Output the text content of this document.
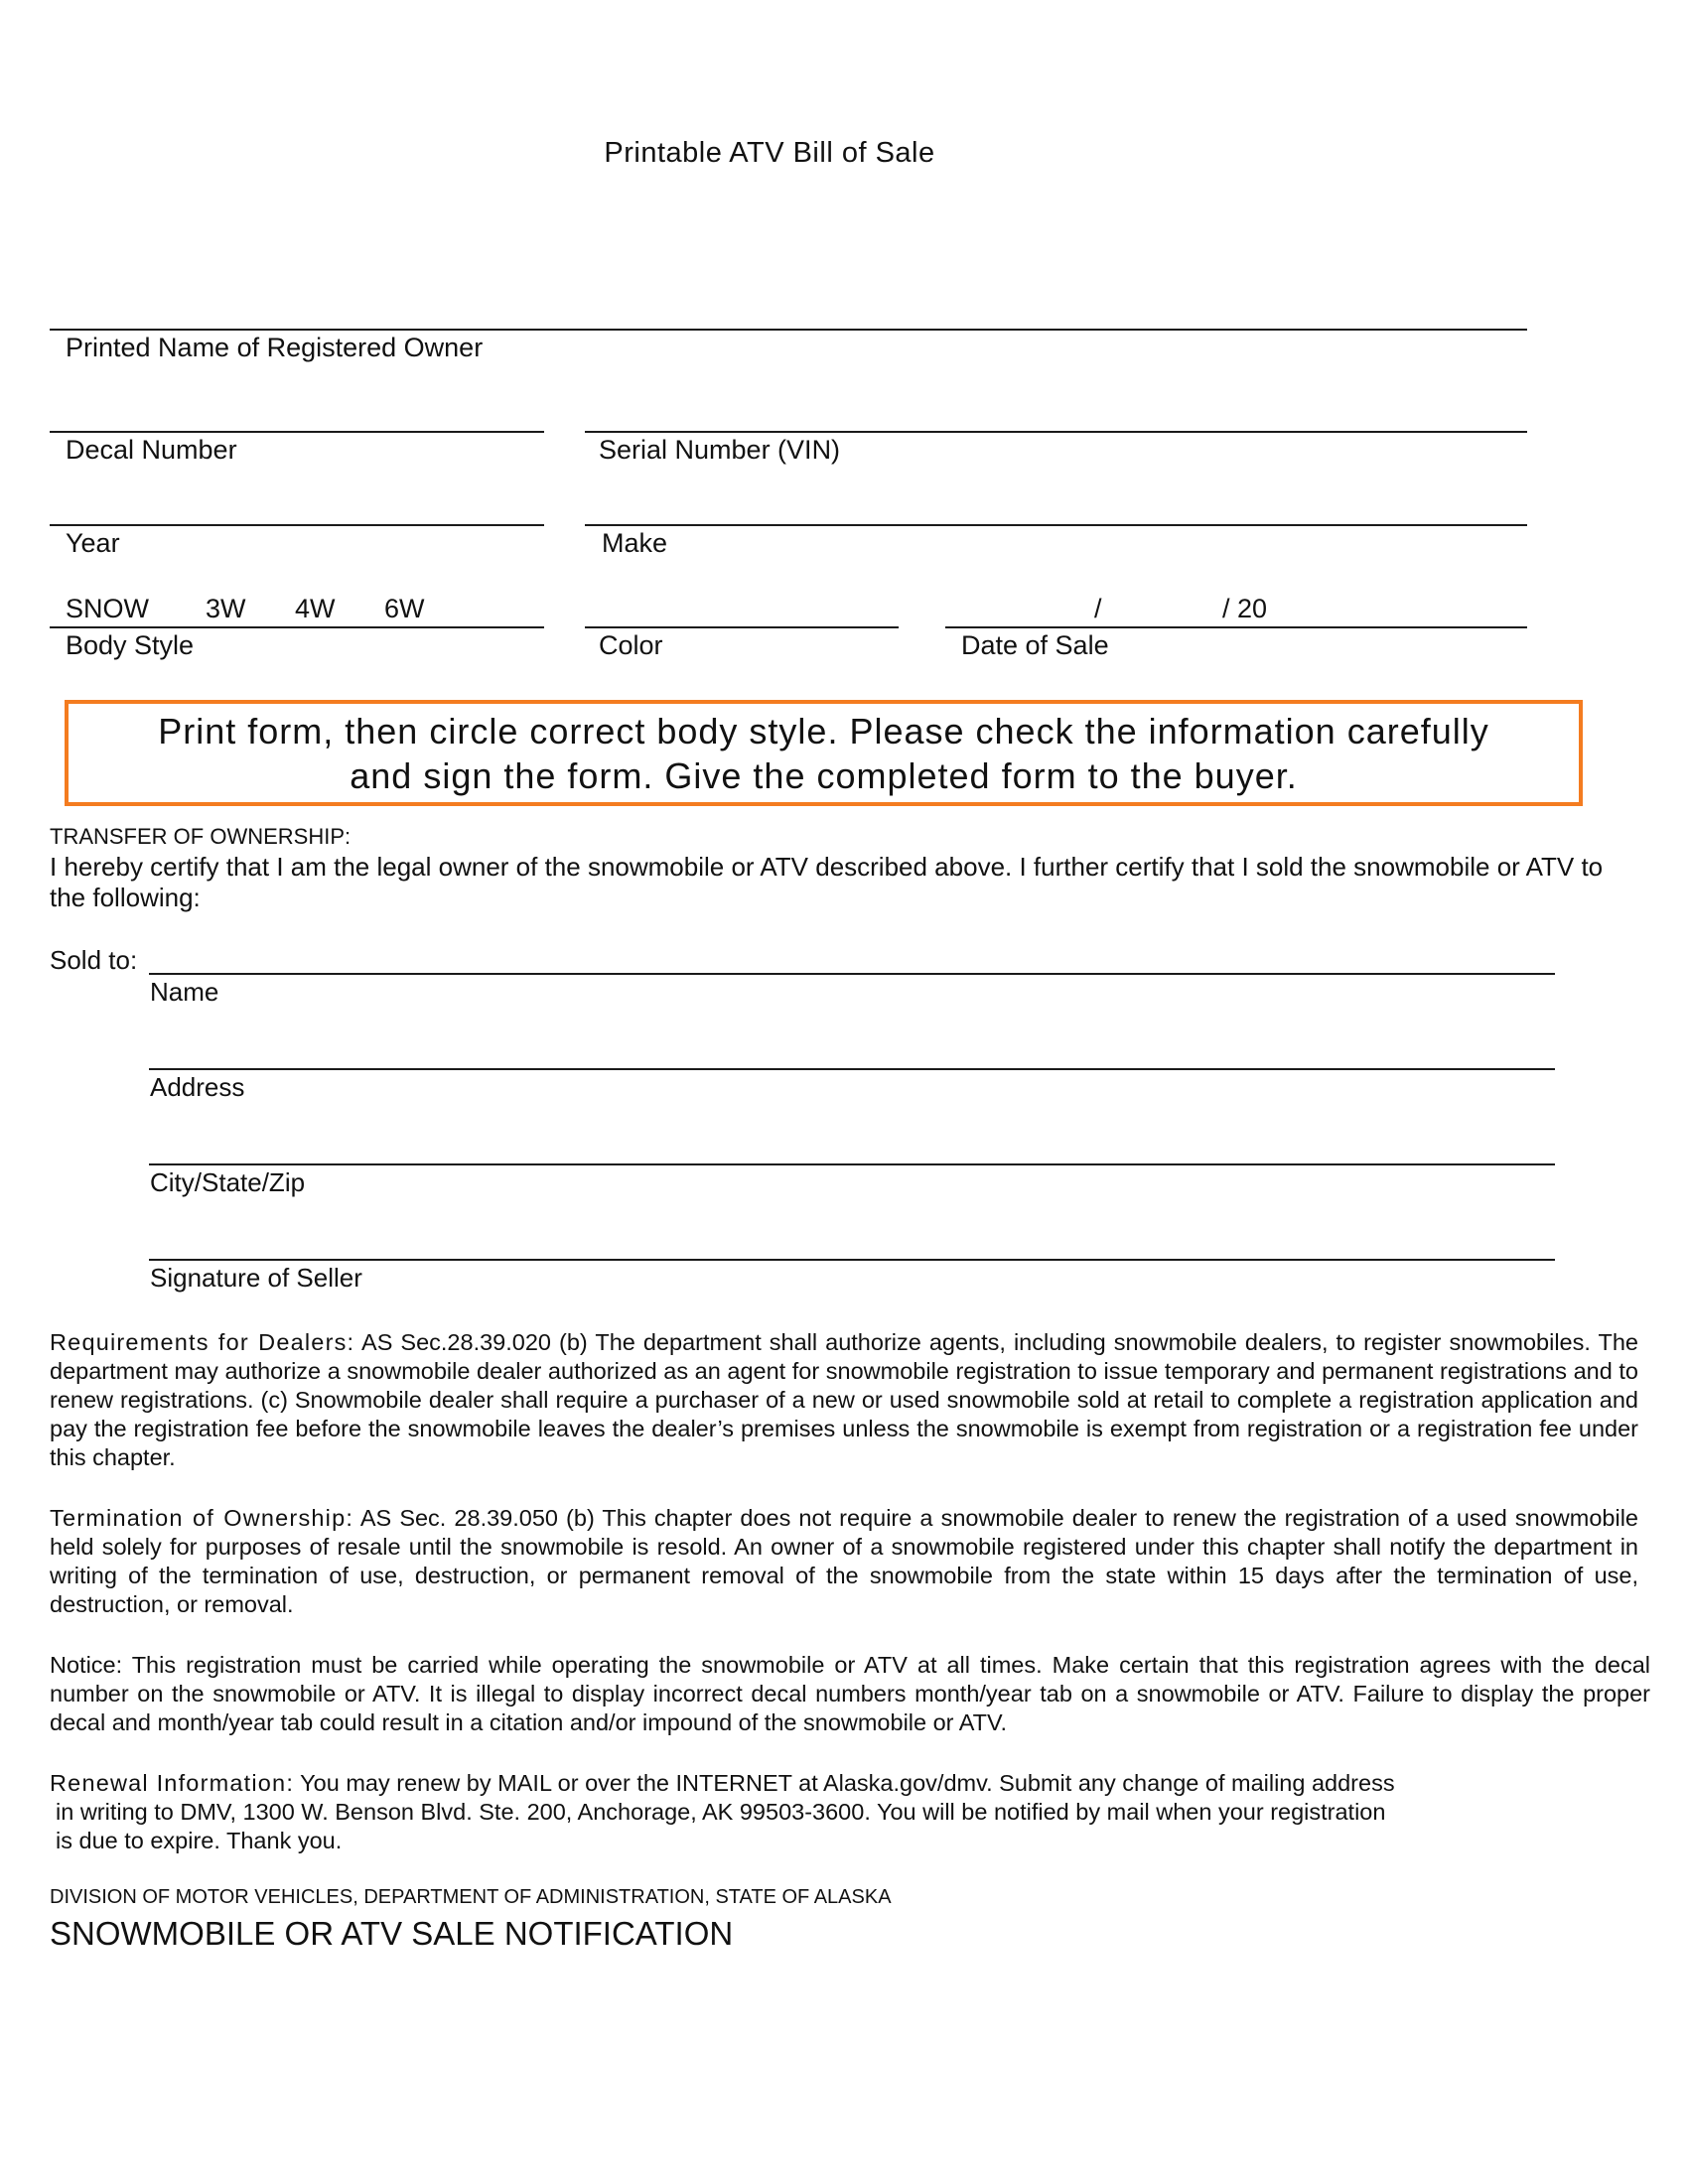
Printable ATV Bill of Sale
Printed Name of Registered Owner
Decal Number	Serial Number (VIN)
Year	Make
SNOW 3W 4W 6W	/	/ 20
Body Style	Color	Date of Sale
Print form, then circle correct body style. Please check the information carefully
and sign the form. Give the completed form to the buyer.
TRANSFER OF OWNERSHIP:
I hereby certify that I am the legal owner of the snowmobile or ATV described above. I further certify that I sold the snowmobile or ATV to the following:
Sold to:
Name
Address
City/State/Zip
Signature of Seller
Requirements for Dealers: AS Sec.28.39.020 (b) The department shall authorize agents, including snowmobile dealers, to register snowmobiles. The department may authorize a snowmobile dealer authorized as an agent for snowmobile registration to issue temporary and permanent registrations and to renew registrations. (c) Snowmobile dealer shall require a purchaser of a new or used snowmobile sold at retail to complete a registration application and pay the registration fee before the snowmobile leaves the dealer’s premises unless the snowmobile is exempt from registration or a registration fee under this chapter.
Termination of Ownership: AS Sec. 28.39.050 (b) This chapter does not require a snowmobile dealer to renew the registration of a used snowmobile held solely for purposes of resale until the snowmobile is resold. An owner of a snowmobile registered under this chapter shall notify the department in writing of the termination of use, destruction, or permanent removal of the snowmobile from the state within 15 days after the termination of use, destruction, or removal.
Notice: This registration must be carried while operating the snowmobile or ATV at all times. Make certain that this registration agrees with the decal number on the snowmobile or ATV. It is illegal to display incorrect decal numbers month/year tab on a snowmobile or ATV. Failure to display the proper decal and month/year tab could result in a citation and/or impound of the snowmobile or ATV.
Renewal Information: You may renew by MAIL or over the INTERNET at Alaska.gov/dmv. Submit any change of mailing address
in writing to DMV, 1300 W. Benson Blvd. Ste. 200, Anchorage, AK 99503-3600. You will be notified by mail when your registration
is due to expire. Thank you.
DIVISION OF MOTOR VEHICLES, DEPARTMENT OF ADMINISTRATION, STATE OF ALASKA
SNOWMOBILE OR ATV SALE NOTIFICATION
